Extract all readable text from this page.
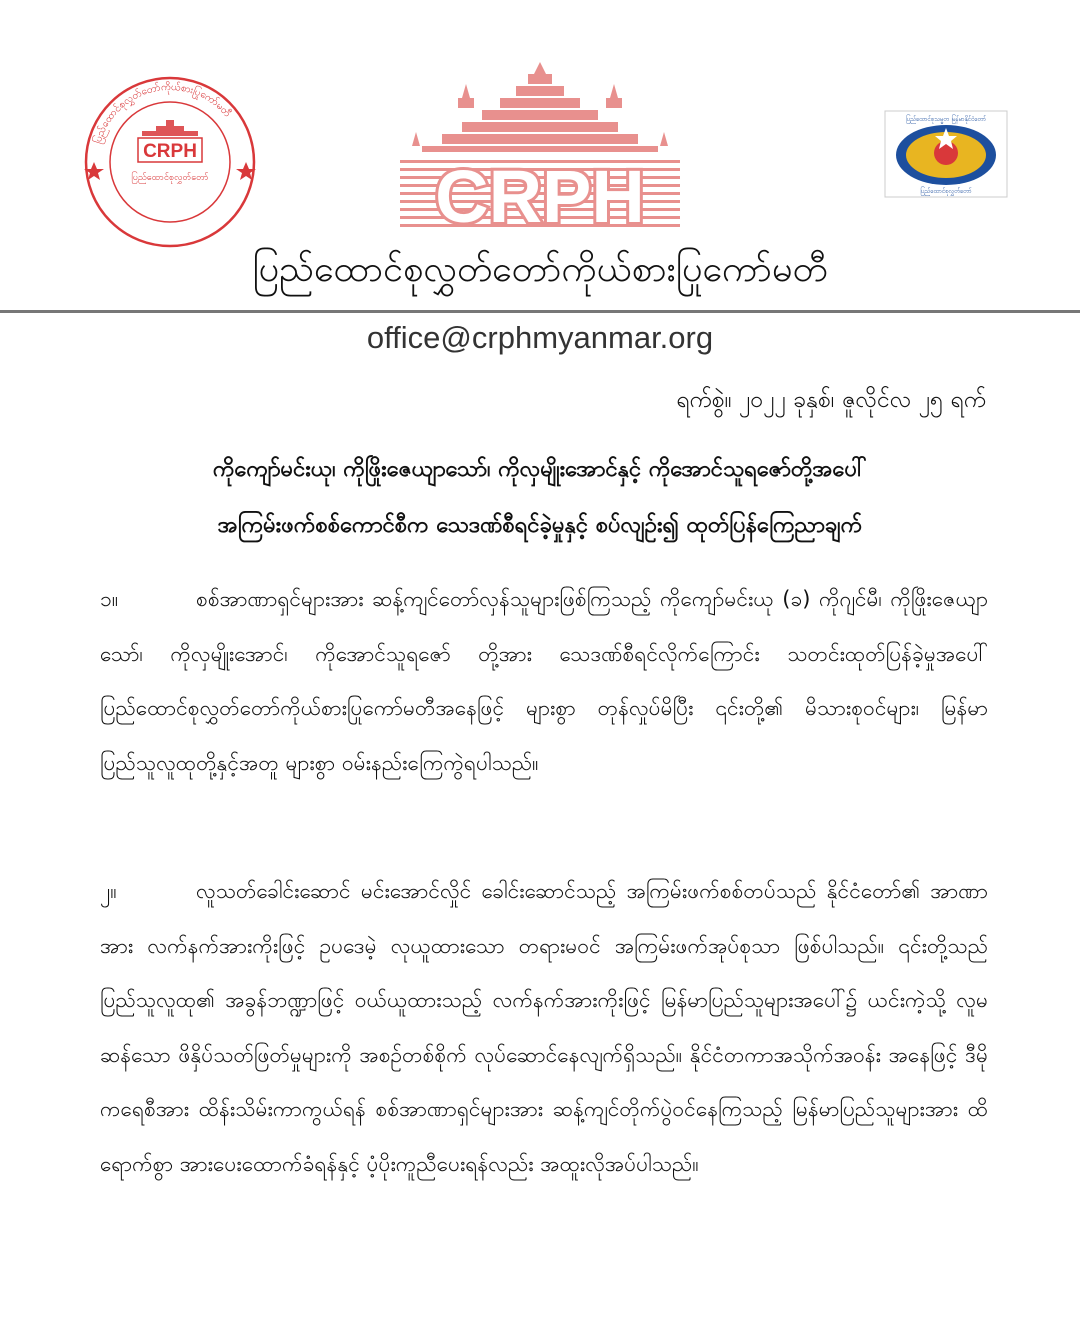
ပြည်ထောင်စုလွှတ်တော်ကိုယ်စားပြုကော်မတီ
CRPH
ပြည်ထောင်စုလွှတ်တော်	CRPH
ပြည်ထောင်စုသမ္မတ မြန်မာနိုင်ငံတော်
ပြည်ထောင်စုလွှတ်တော်
ပြည်ထောင်စုလွှတ်တော်ကိုယ်စားပြုကော်မတီ
office@crphmyanmar.org
ရက်စွဲ။ ၂၀၂၂ ခုနှစ်၊ ဇူလိုင်လ ၂၅ ရက်
ကိုကျော်မင်းယု၊ ကိုဖြိုးဇေယျာသော်၊ ကိုလှမျိုးအောင်နှင့် ကိုအောင်သူရဇော်တို့အပေါ်
အကြမ်းဖက်စစ်ကောင်စီက သေဒဏ်စီရင်ခဲ့မှုနှင့် စပ်လျဉ်း၍ ထုတ်ပြန်ကြေညာချက်
၁။	စစ်အာဏာရှင်များအား ဆန့်ကျင်တော်လှန်သူများဖြစ်ကြသည့် ကိုကျော်မင်းယု (ခ) ကိုဂျင်မီ၊ ကိုဖြိုးဇေယျာသော်၊ ကိုလှမျိုးအောင်၊ ကိုအောင်သူရဇော် တို့အား သေဒဏ်စီရင်လိုက်ကြောင်း သတင်းထုတ်ပြန်ခဲ့မှုအပေါ် ပြည်ထောင်စုလွှတ်တော်ကိုယ်စားပြုကော်မတီအနေဖြင့် များစွာ တုန်လှုပ်မိပြီး ၎င်းတို့၏ မိသားစုဝင်များ၊ မြန်မာပြည်သူလူထုတို့နှင့်အတူ များစွာ ဝမ်းနည်းကြေကွဲရပါသည်။
၂။	လူသတ်ခေါင်းဆောင် မင်းအောင်လှိုင် ခေါင်းဆောင်သည့် အကြမ်းဖက်စစ်တပ်သည် နိုင်ငံတော်၏ အာဏာအား လက်နက်အားကိုးဖြင့် ဥပဒေမဲ့ လုယူထားသော တရားမဝင် အကြမ်းဖက်အုပ်စုသာ ဖြစ်ပါသည်။ ၎င်းတို့သည် ပြည်သူလူထု၏ အခွန်ဘဏ္ဍာဖြင့် ဝယ်ယူထားသည့် လက်နက်အားကိုးဖြင့် မြန်မာပြည်သူများအပေါ်၌ ယင်းကဲ့သို့ လူမဆန်သော ဖိနှိပ်သတ်ဖြတ်မှုများကို အစဉ်တစ်စိုက် လုပ်ဆောင်နေလျက်ရှိသည်။ နိုင်ငံတကာအသိုက်အဝန်း အနေဖြင့် ဒီမိုကရေစီအား ထိန်းသိမ်းကာကွယ်ရန် စစ်အာဏာရှင်များအား ဆန့်ကျင်တိုက်ပွဲဝင်နေကြသည့် မြန်မာပြည်သူများအား ထိရောက်စွာ အားပေးထောက်ခံရန်နှင့် ပံ့ပိုးကူညီပေးရန်လည်း အထူးလိုအပ်ပါသည်။
